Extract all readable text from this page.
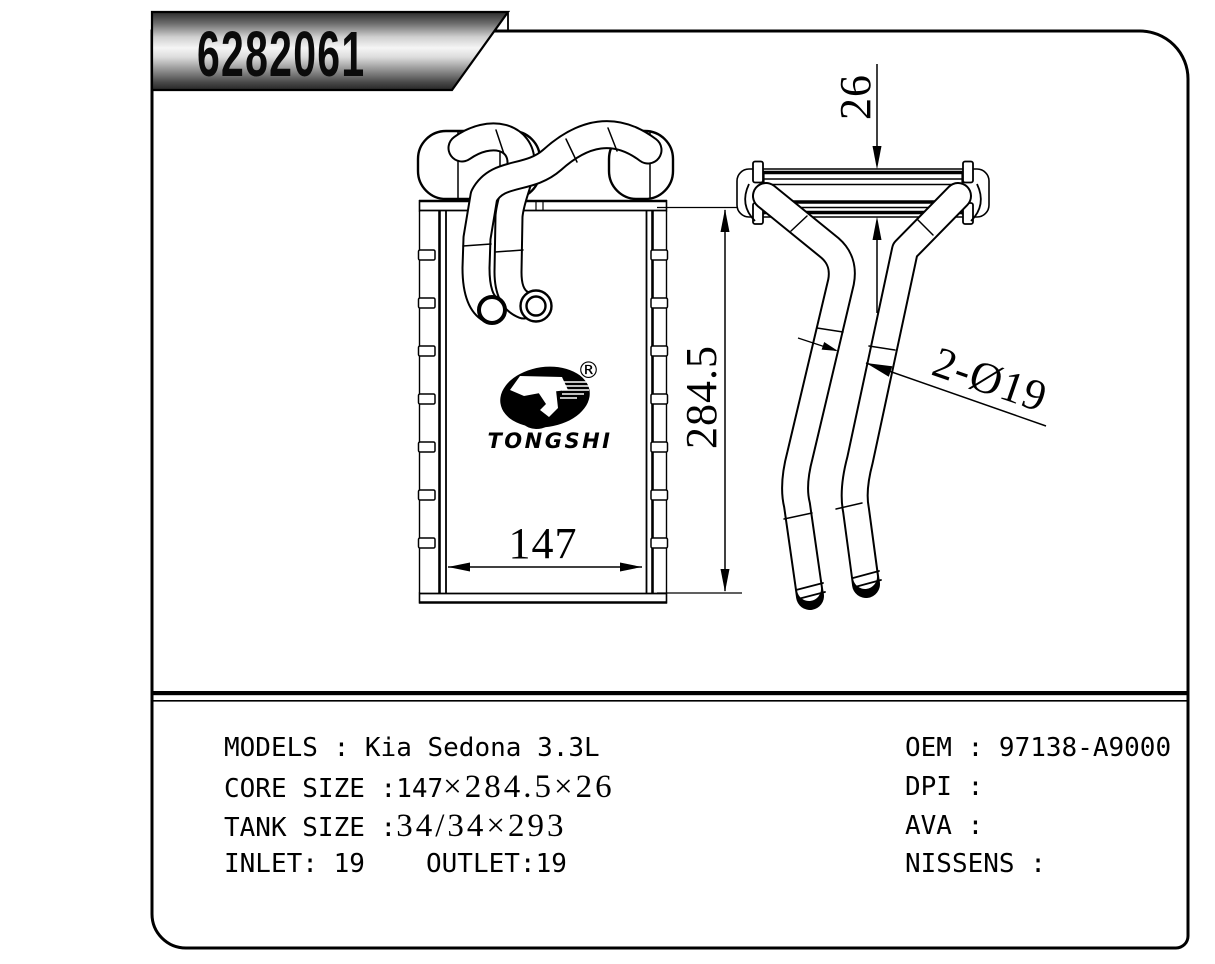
6282061
147
284.5
26
2-Ø19
®
TONGSHI
MODELS : Kia Sedona 3.3L
CORE SIZE :147×284.5×26
TANK SIZE :34/34×293
INLET: 19 OUTLET:19
OEM : 97138-A9000
DPI :
AVA :
NISSENS :
